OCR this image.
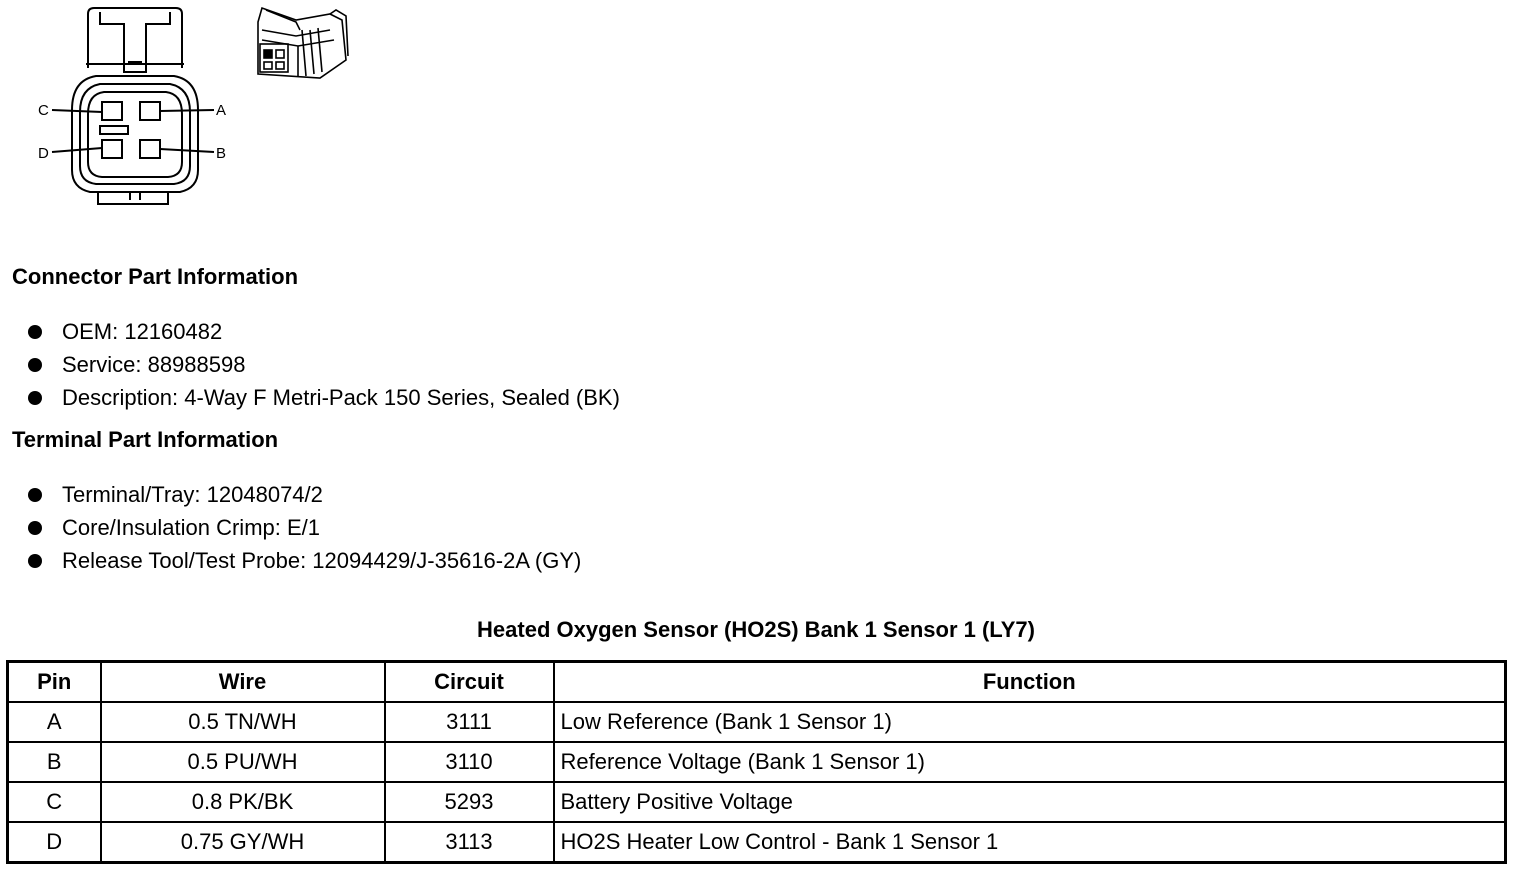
C	A
D	B
Connector Part Information
OEM: 12160482
Service: 88988598
Description: 4-Way F Metri-Pack 150 Series, Sealed (BK)
Terminal Part Information
Terminal/Tray: 12048074/2
Core/Insulation Crimp: E/1
Release Tool/Test Probe: 12094429/J-35616-2A (GY)
Heated Oxygen Sensor (HO2S) Bank 1 Sensor 1 (LY7)
Pin	Wire	Circuit	Function
A	0.5 TN/WH	3111	Low Reference (Bank 1 Sensor 1)
B	0.5 PU/WH	3110	Reference Voltage (Bank 1 Sensor 1)
C	0.8 PK/BK	5293	Battery Positive Voltage
D	0.75 GY/WH	3113	HO2S Heater Low Control - Bank 1 Sensor 1
